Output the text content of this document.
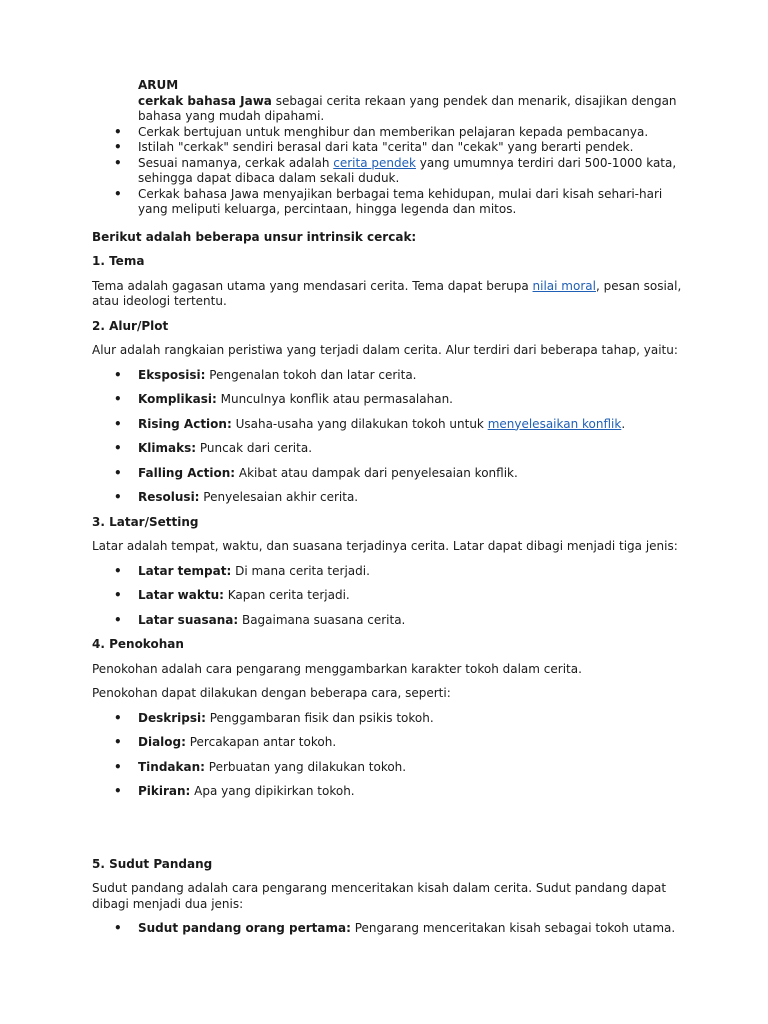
ARUM
cerkak bahasa Jawa sebagai cerita rekaan yang pendek dan menarik, disajikan dengan bahasa yang mudah dipahami.
• Cerkak bertujuan untuk menghibur dan memberikan pelajaran kepada pembacanya.
• Istilah "cerkak" sendiri berasal dari kata "cerita" dan "cekak" yang berarti pendek.
• Sesuai namanya, cerkak adalah cerita pendek yang umumnya terdiri dari 500-1000 kata, sehingga dapat dibaca dalam sekali duduk.
• Cerkak bahasa Jawa menyajikan berbagai tema kehidupan, mulai dari kisah sehari-hari yang meliputi keluarga, percintaan, hingga legenda dan mitos.

Berikut adalah beberapa unsur intrinsik cercak:

1. Tema

Tema adalah gagasan utama yang mendasari cerita. Tema dapat berupa nilai moral, pesan sosial, atau ideologi tertentu.

2. Alur/Plot

Alur adalah rangkaian peristiwa yang terjadi dalam cerita. Alur terdiri dari beberapa tahap, yaitu:

• Eksposisi: Pengenalan tokoh dan latar cerita.
• Komplikasi: Munculnya konflik atau permasalahan.
• Rising Action: Usaha-usaha yang dilakukan tokoh untuk menyelesaikan konflik.
• Klimaks: Puncak dari cerita.
• Falling Action: Akibat atau dampak dari penyelesaian konflik.
• Resolusi: Penyelesaian akhir cerita.

3. Latar/Setting

Latar adalah tempat, waktu, dan suasana terjadinya cerita. Latar dapat dibagi menjadi tiga jenis:

• Latar tempat: Di mana cerita terjadi.
• Latar waktu: Kapan cerita terjadi.
• Latar suasana: Bagaimana suasana cerita.

4. Penokohan

Penokohan adalah cara pengarang menggambarkan karakter tokoh dalam cerita.

Penokohan dapat dilakukan dengan beberapa cara, seperti:

• Deskripsi: Penggambaran fisik dan psikis tokoh.
• Dialog: Percakapan antar tokoh.
• Tindakan: Perbuatan yang dilakukan tokoh.
• Pikiran: Apa yang dipikirkan tokoh.

5. Sudut Pandang

Sudut pandang adalah cara pengarang menceritakan kisah dalam cerita. Sudut pandang dapat dibagi menjadi dua jenis:

• Sudut pandang orang pertama: Pengarang menceritakan kisah sebagai tokoh utama.
